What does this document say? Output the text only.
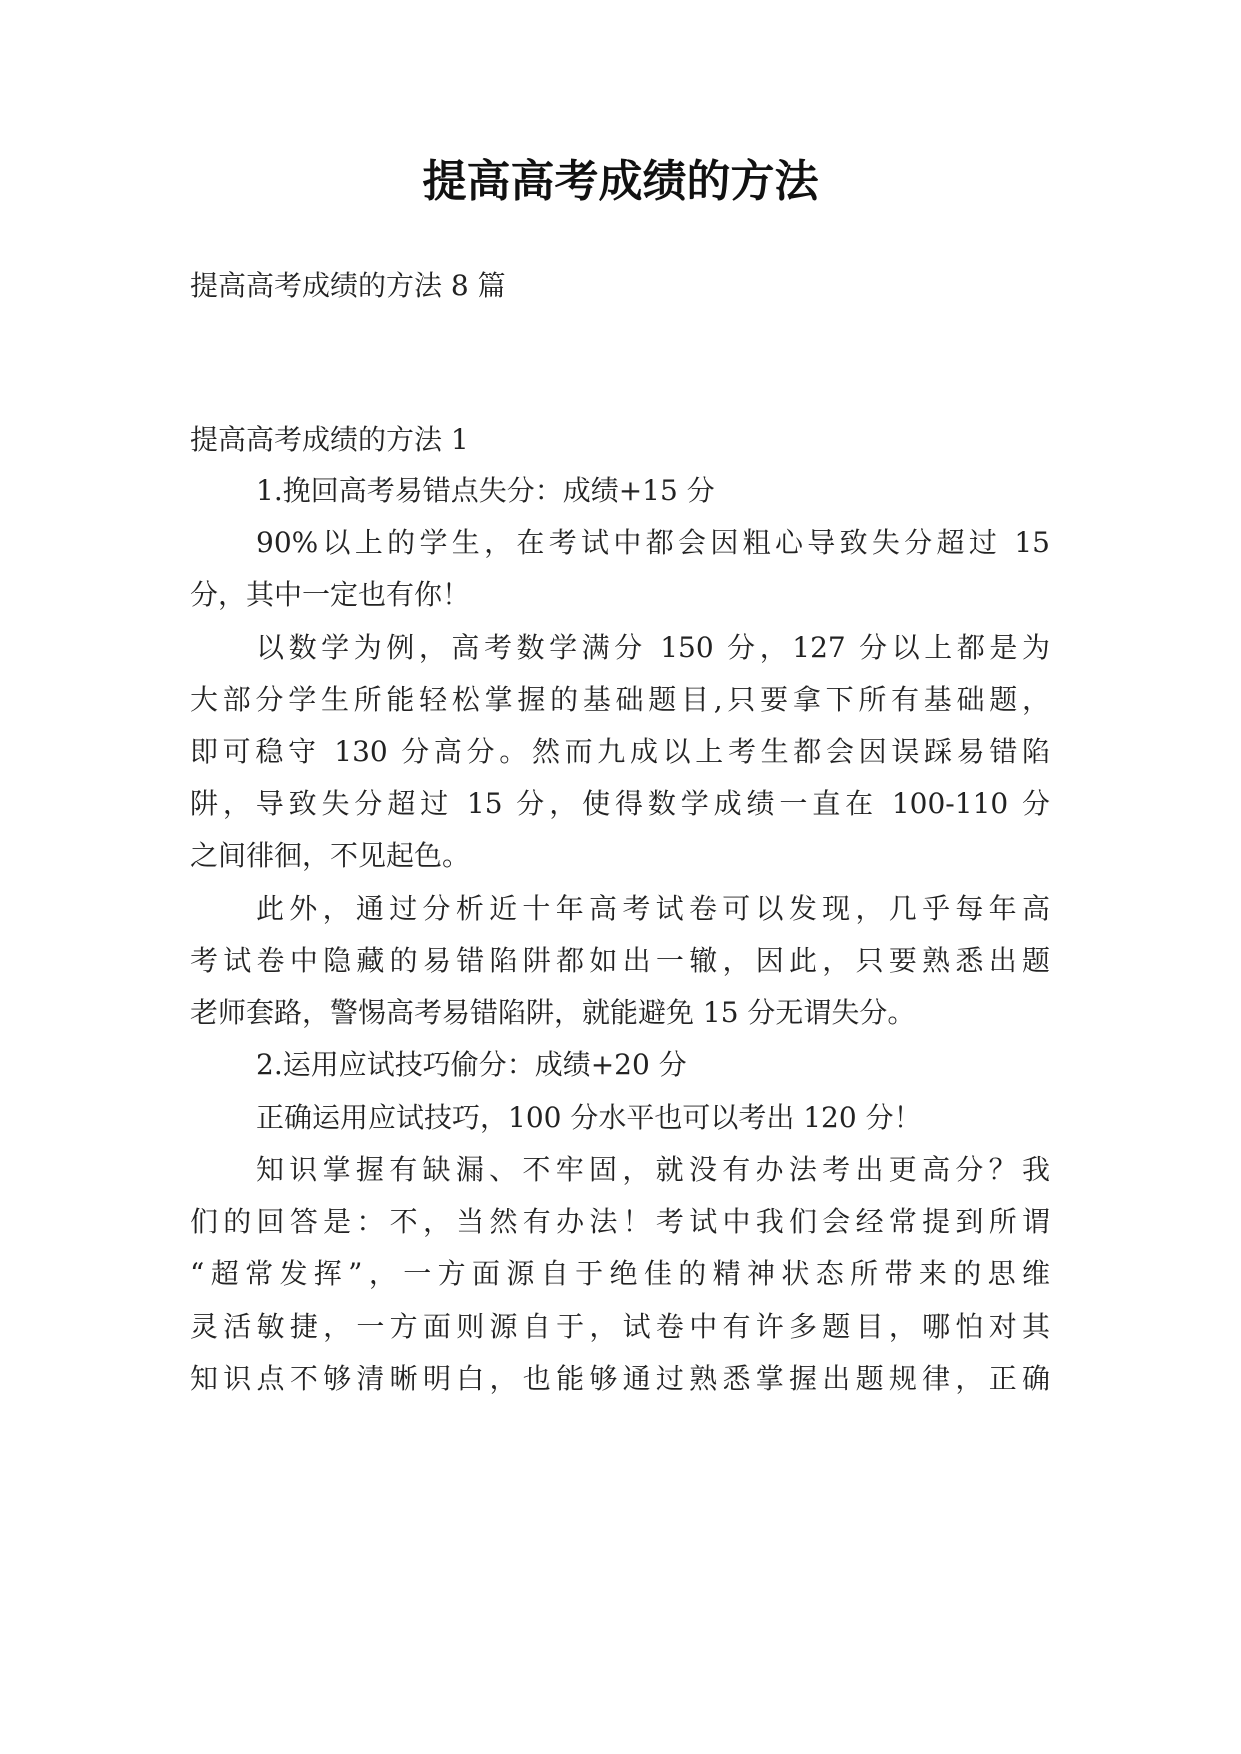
提高高考成绩的方法

提高高考成绩的方法 8 篇

提高高考成绩的方法 1

1.挽回高考易错点失分：成绩+15 分

90%以上的学生，在考试中都会因粗心导致失分超过 15

分，其中一定也有你！

以数学为例，高考数学满分 150 分，127 分以上都是为

大部分学生所能轻松掌握的基础题目,只要拿下所有基础题，

即可稳守 130 分高分。然而九成以上考生都会因误踩易错陷

阱，导致失分超过 15 分，使得数学成绩一直在 100-110 分

之间徘徊，不见起色。

此外，通过分析近十年高考试卷可以发现，几乎每年高

考试卷中隐藏的易错陷阱都如出一辙，因此，只要熟悉出题

老师套路，警惕高考易错陷阱，就能避免 15 分无谓失分。

2.运用应试技巧偷分：成绩+20 分

正确运用应试技巧，100 分水平也可以考出 120 分！

知识掌握有缺漏、不牢固，就没有办法考出更高分？我

们的回答是：不，当然有办法！考试中我们会经常提到所谓

“超常发挥”，一方面源自于绝佳的精神状态所带来的思维

灵活敏捷，一方面则源自于，试卷中有许多题目，哪怕对其

知识点不够清晰明白，也能够通过熟悉掌握出题规律，正确
